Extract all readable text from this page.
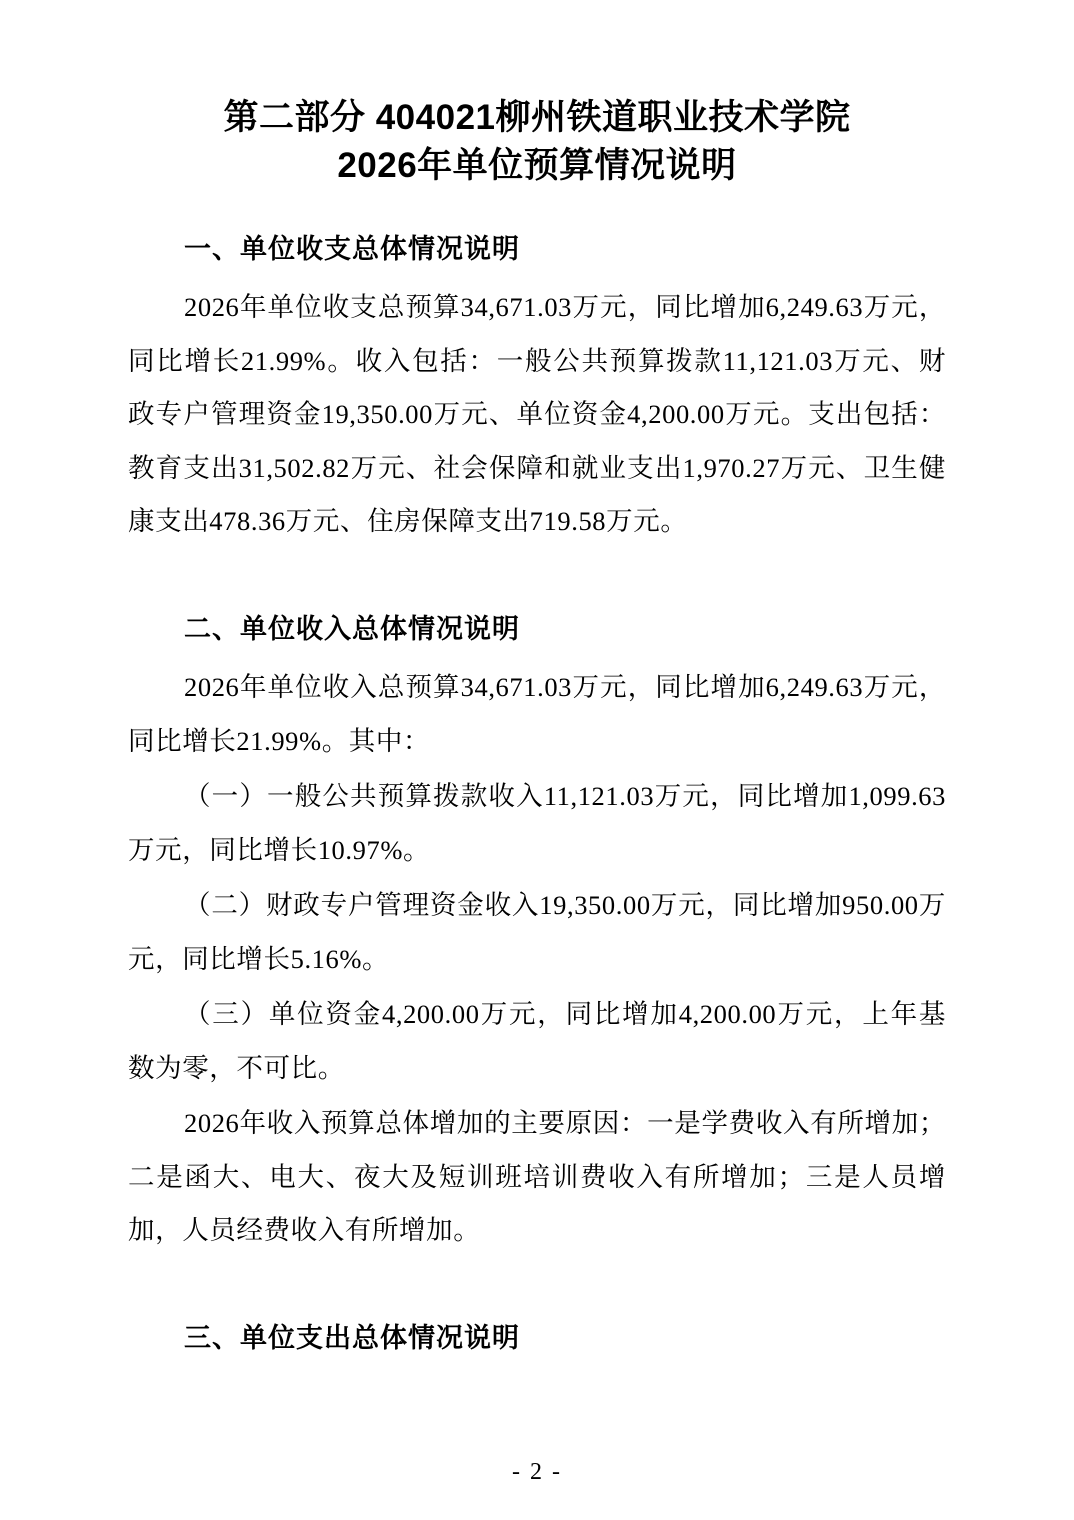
第二部分 404021柳州铁道职业技术学院
2026年单位预算情况说明
一、单位收支总体情况说明

2026年单位收支总预算34,671.03万元，同比增加6,249.63万元，同比增长21.99%。收入包括：一般公共预算拨款11,121.03万元、财政专户管理资金19,350.00万元、单位资金4,200.00万元。支出包括：教育支出31,502.82万元、社会保障和就业支出1,970.27万元、卫生健康支出478.36万元、住房保障支出719.58万元。

二、单位收入总体情况说明

2026年单位收入总预算34,671.03万元，同比增加6,249.63万元，同比增长21.99%。其中：

（一）一般公共预算拨款收入11,121.03万元，同比增加1,099.63万元，同比增长10.97%。

（二）财政专户管理资金收入19,350.00万元，同比增加950.00万元，同比增长5.16%。

（三）单位资金4,200.00万元，同比增加4,200.00万元，上年基数为零，不可比。

2026年收入预算总体增加的主要原因：一是学费收入有所增加；二是函大、电大、夜大及短训班培训费收入有所增加；三是人员增加，人员经费收入有所增加。

三、单位支出总体情况说明
- 2 -
